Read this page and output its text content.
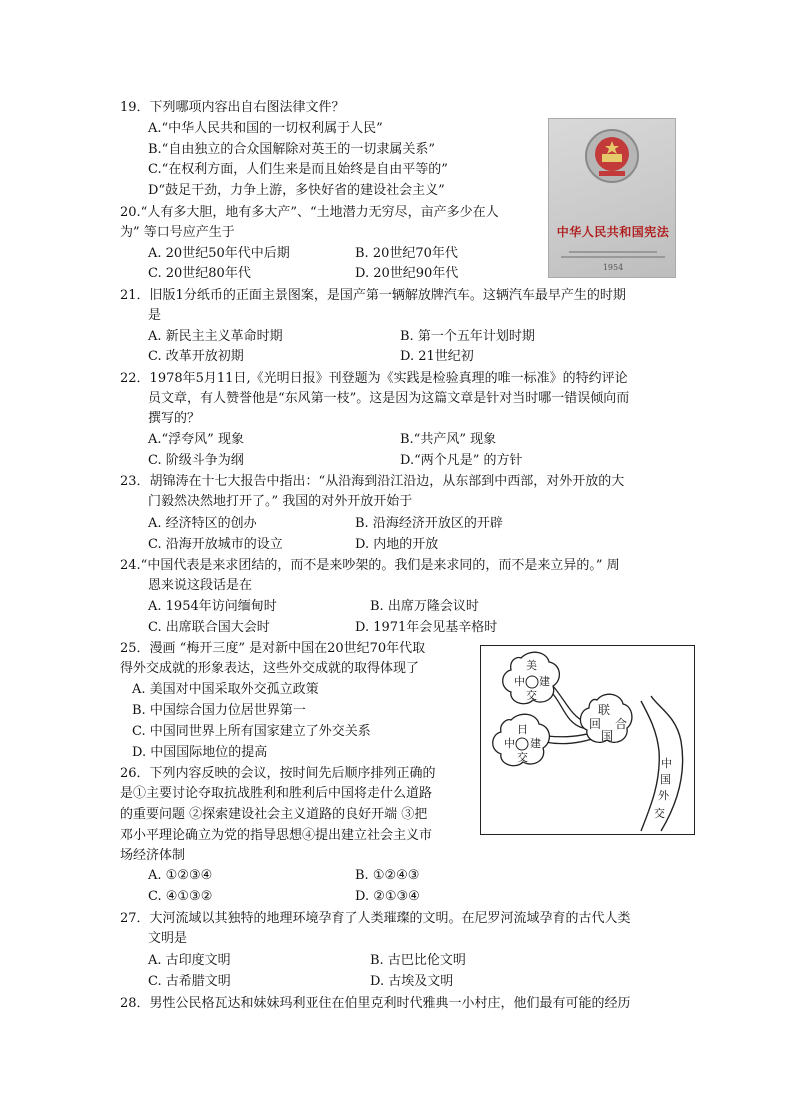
19．下列哪项内容出自右图法律文件？
A.“中华人民共和国的一切权利属于人民”
B.“自由独立的合众国解除对英王的一切隶属关系”
C.“在权利方面，人们生来是而且始终是自由平等的”
D“鼓足干劲，力争上游，多快好省的建设社会主义”
20.“人有多大胆，地有多大产”、“土地潜力无穷尽，亩产多少在人
为” 等口号应产生于
A. 20世纪50年代中后期	B. 20世纪70年代
C. 20世纪80年代	D. 20世纪90年代
21．旧版1分纸币的正面主景图案，是国产第一辆解放牌汽车。这辆汽车最早产生的时期
是
A. 新民主主义革命时期	B. 第一个五年计划时期
C. 改革开放初期	D. 21世纪初
22．1978年5月11日,《光明日报》刊登题为《实践是检验真理的唯一标准》的特约评论
员文章，有人赞誉他是“东风第一枝”。这是因为这篇文章是针对当时哪一错误倾向而
撰写的？
A.“浮夸风” 现象	B.“共产风” 现象
C. 阶级斗争为纲	D.“两个凡是” 的方针
23．胡锦涛在十七大报告中指出：“从沿海到沿江沿边，从东部到中西部，对外开放的大
门毅然决然地打开了。” 我国的对外开放开始于
A. 经济特区的创办	B. 沿海经济开放区的开辟
C. 沿海开放城市的设立	D. 内地的开放
24.“中国代表是来求团结的，而不是来吵架的。我们是来求同的，而不是来立异的。” 周
恩来说这段话是在
A. 1954年访问缅甸时	B. 出席万隆会议时
C. 出席联合国大会时	D. 1971年会见基辛格时
25．漫画 “梅开三度” 是对新中国在20世纪70年代取
得外交成就的形象表达，这些外交成就的取得体现了
A. 美国对中国采取外交孤立政策
B. 中国综合国力位居世界第一
C. 中国同世界上所有国家建立了外交关系
D. 中国国际地位的提高
26．下列内容反映的会议，按时间先后顺序排列正确的
是①主要讨论夺取抗战胜利和胜利后中国将走什么道路
的重要问题 ②探索建设社会主义道路的良好开端 ③把
邓小平理论确立为党的指导思想④提出建立社会主义市
场经济体制
A. ①②③④	B. ①②④③
C. ④①③②	D. ②①③④
27．大河流域以其独特的地理环境孕育了人类璀璨的文明。在尼罗河流域孕育的古代人类
文明是
A. 古印度文明	B. 古巴比伦文明
C. 古希腊文明	D. 古埃及文明
28．男性公民格瓦达和妹妹玛利亚住在伯里克利时代雅典一小村庄，他们最有可能的经历
中华人民共和国宪法
1954
美
中 建
交
联
回 合
国
日
中 建
交	中
国
外
交
